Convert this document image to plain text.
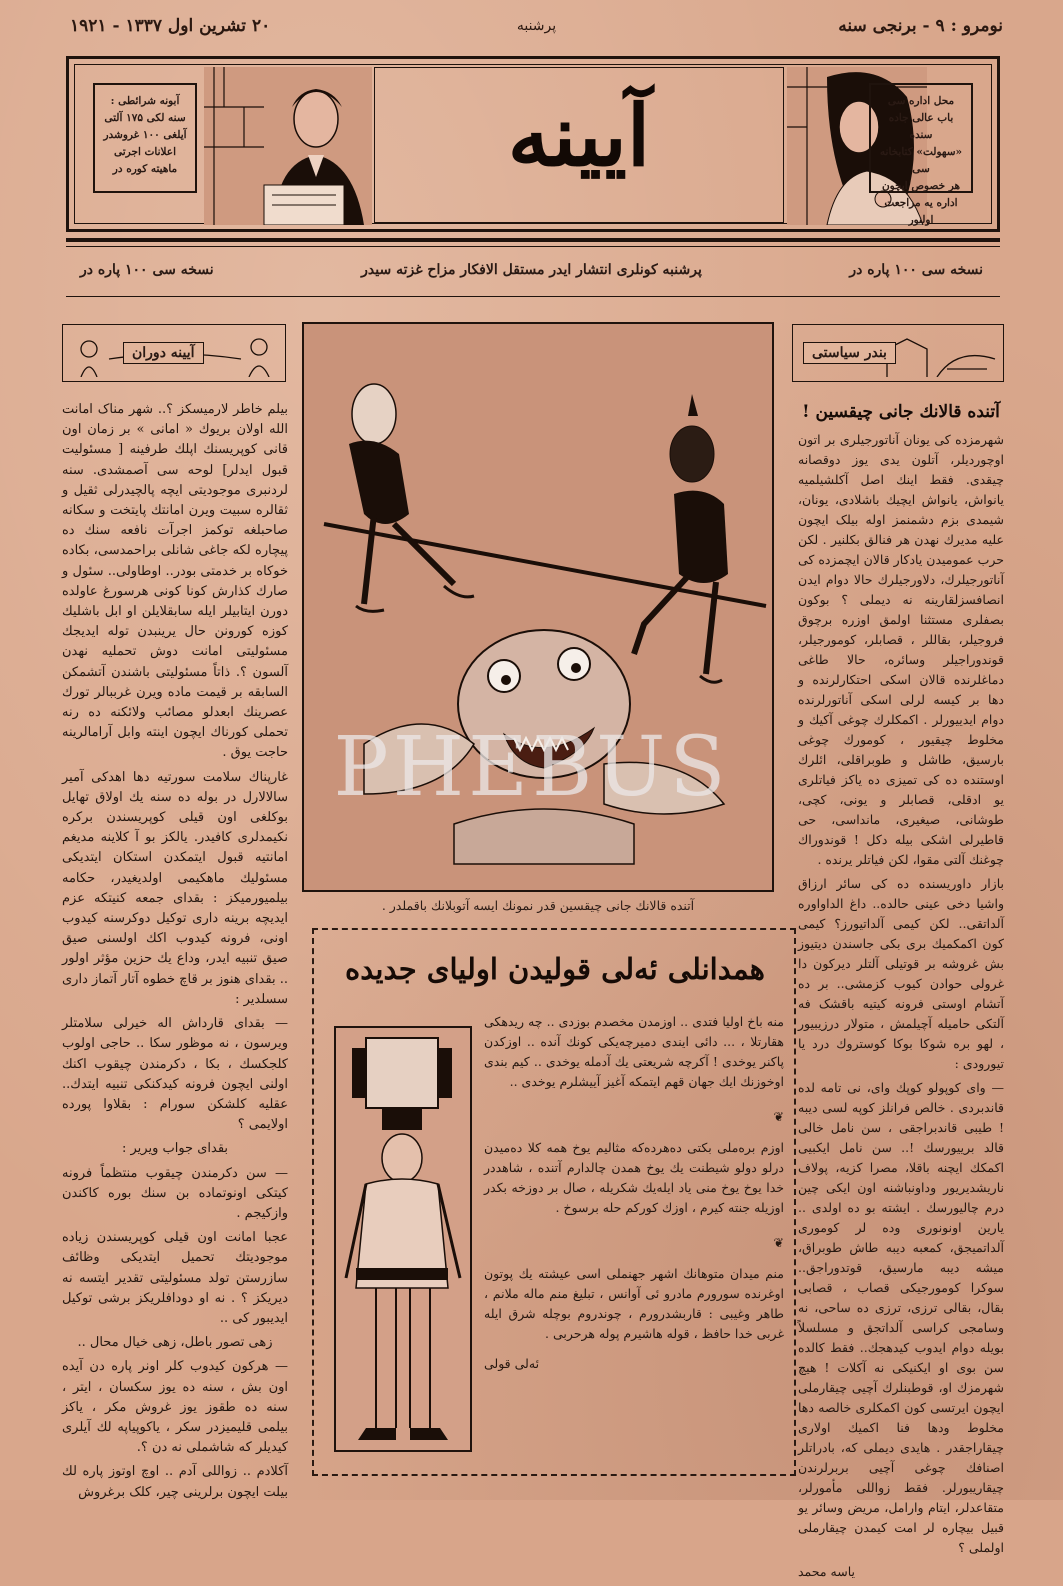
۲۰ تشرین اول ۱۳۳۷ - ۱۹۲۱	پرشنبه	نومرو : ۹ - برنجی سنه
آبونه شرائطی :
سنه لکی ۱۷۵ آلتی
آیلغی ۱۰۰ غروشدر
اعلانات اجرتی
ماهیته کوره در	آیینه	محل اداره سی
باب عالی جاده سنده
«سهولت» کتابخانه سی
هر خصوص ایچون
اداره یه مراجعت اولنور
نسخه سی ۱۰۰ پاره در
پرشنبه کونلری انتشار ایدر مستقل الافکار مزاح غزته سیدر
نسخه سی ۱۰۰ پاره در
آیینه دوران

بیلم خاطر لارمیسکز ؟.. شهر مناک امانت الله اولان بریوك « امانی » بر زمان اون قانی کوپریسنك اپلك طرفینه [ مسئولیت قبول ایدلر] لوحه سی آصمشدی. سنه لردنبری موجودیتی ایچه پالچیدرلی ثقیل و ثقالره سبیت ویرن امانتك پایتخت و سکانه صاحبلغه توکمز اجرآت نافعه سنك ده پیچاره لکه جاغی شانلی براحمدسی، بکاده خوکاه بر خدمتی بودر.. اوطاولی.. سئول و صارك کذارش کونا کونی هرسورغ عاولده دورن ایتابیلر ایله سابقلایلن او ابل باشلیك کوزه کورونن حال یرینبدن توله ایدیجك مسئولیتی امانت دوش تحملیه نهدن آلسون ؟. ذاتاً مسئولیتی باشندن آتشمکن السابقه بر قیمت ماده ویرن غرببالر تورك عصرینك ابعدلو مصائب ولائکنه ده رنه تحملی کورناك ایچون اینته وابل آرامالرینه حاجت یوق .

غارپناك سلامت سورتیه دها اهدکی آمیر سالالارل در بوله ده سنه یك اولاق تهایل بوکلغی اون قیلی کوپریسندن برکره نکیمدلری کافیدر. یالکز بو آ کلاینه مدیغم امانتیه قبول ایتمکدن استکان ایتدیکی مسئولیك ماهکیمی اولدیغیدر، حکامه بیلمیورمیکز : بقدای جمعه کنیتکه عزم ایدیچه برینه داری توکیل دوکرسنه کیدوب اونی، فرونه کیدوب اکك اولسنی صیق صیق تنبیه ایدر، وداع یك حزین مؤثر اولور .. بقدای هنوز بر قاچ خطوه آتار آتماز داری سسلدیر :

— بقدای قارداش اله خیرلی سلامتلر ویرسون ، نه موظور سکا .. حاجی اولوب کلجکسك ، بکا ، دکرمندن چیقوب اکنك اولنی ایچون فرونه کیدکنکی تنبیه ایتدك.. عقلیه کلشکن سورام : بقلاوا پورده اولایمی ؟

بقدای جواب ویریر :

— سن دکرمندن چیقوب منتظماً فرونه کیتکی اونوتماده بن سنك بوره کاکندن وازکیجم .

عجبا امانت اون قیلی کوپریسندن زیاده موجودیتك تحمیل ایتدیکی وظائف سازرستن تولد مسئولیتی تقدیر ایتسه نه دیریکز ؟ . نه او دودافلریکز برشی توکیل ایدیبور کی ..

زهی تصور باطل، زهی خیال محال ..

— هرکون کیدوب کلر اونر پاره دن آیده اون بش ، سنه ده یوز سکسان ، ایتر ، سنه ده طقوز یوز غروش مکر ، یاکز بیلمی قلیمیزدر سکر ، یاکوپیاپه لك آیلری کیدیلر که شاشملی نه دن ؟.

آکلادم .. زواللی آدم .. اوچ اوتوز پاره لك بیلت ایچون برلرینی چیر، کلک برغروش

آتنده قالانك جانی چیقسین قدر نمونك ایسه آتوبلانك باقملدر .
همدانلی ئه‌لی قولیدن اولیای جدیده

منه باخ اولیا فتدی .. اوزمدن مخصدم بوزدی .. چه ریدهکی هقارتلا ، ... دائی ایندی دمیرچه‌یکی کونك آنده .. اوزکدن پاکنر یوخدی ! آکرچه شریعتی یك آدمله یوخدی .. کیم بندی اوخوزنك ایك جهان قهم ایتمکه آغیز آییشلرم یوخدی ..

❦

اوزم بره‌ملی بکتی ده‌هرده‌که مثالیم یوخ همه کلا ده‌میدن درلو دولو شیطنت یك یوخ همدن چالدارم آتنده ، شاهددر خدا یوخ یوخ منی یاد ایله‌یك شکریله ، صال بر دوزخه بکدر اوزیله جنته کیرم ، اوزك کورکم حله برسوخ .

❦

منم میدان متوهانك اشهر جهنملی اسی عیشته یك پوتون اوغرنده سورورم مادرو ئی آوانس ، تبلیغ منم ماله ملانم ، طاهر وغیبی : قاربشدرورم ، چوندروم بوچله شرق ایله غربی خدا حافظ ، قوله هاشیرم پوله هرحربی .

ئه‌لی قولی

بندر سیاستی
آتنده قالانك جانی چیقسین !

شهرمزده کی یونان آناتورجیلری بر اتون اوچوردیلر، آتلون یدی یوز دوقصانه چیقدی. فقط اینك اصل آکلشیلمیه یانواش، یانواش ایچیك باشلادی، یونان، شیمدی بزم دشمنمز اوله بیلک ایچون علیه مدیرك نهدن هر فنالق بکلنیر . لکن حرب عمومیدن یادکار قالان ایچمزده کی آناتورجیلرك، دلاورجیلرك حالا دوام ایدن انصافسزلقارینه نه دیملی ؟ بوکون بصفلری مستثنا اولمق اوزره برچوق فروجیلر، بقاللر ، قصابلر، کومورجیلر، قوندوراجیلر وسائره، حالا طاغی دماغلرنده قالان اسکی احتکارلرنده و دها بر کیسه لرلی اسکی آناتورلرنده دوام ایدییورلر . اکمکلرك چوغی آکیك و مخلوط چیقیور ، کومورك چوغی بارسیق، طاشل و طوبراقلی، ائلرك اوستنده ده کی تمیزی ده یاکز فیاتلری یو ادقلی، قصابلر و یونی، کچی، طوشانی، صیغیری، مانداسی، حی قاطیرلی اشکی بیله دکل ! قوندوراك چوغنك آلتی مقوا، لکن فیاتلر یرنده .

بازار داوریسنده ده کی سائر ارزاق واشیا دخی عینی حالده.. داغ الداواوره آلداتقی.. لکن کیمی آلداتیورز؟ کیمی کون اکمکمیك بری بکی جاسندن دیتیوز بش غروشه بر قوتیلی آلتلر دیرکون دا غرولی حوادن کیوب کزمشی.. بر ده آتشام اوستی فرونه کیتیه باقشک فه آلتکی حامیله آچیلمش ، متولار درزیبیور ، لهو بره شوکا بوکا کوستروك درد یا تیورودی :

— وای کوپولو کوپك وای، نی تامه لده قاندبردی . خالص فرانلز کوپه لسی دیبه ! طیبی قاندبراجقی ، سن نامل خالی قالد برییورسك !.. سن نامل ایکبیی اکمکك ایچنه باقلا، مصرا کزیه، پولاف ناریشدیریور وداونباشنه اون ایکی چین درم چالیورسك . ایشته بو ده اولدی .. یارین اونونوری وده لر کوموری آلداتمیجق، کمعبه دیبه طاش طوبراق، میشه دیبه مارسیق، قوتدوراجق.. سوکرا کومورجیکی قصاب ، قصابی بقال، بقالی ترزی، ترزی ده ساحی، نه وسامجی کراسی آلداتجق و مسلسلاً بویله دوام ایدوب کیدهجك.. فقط کالده سن بوی او ایکنیکی نه آکلات ! هیچ شهرمزك او، قوطبنلرك آچیی چیقارملی ایچون ایرتسی کون اکمکلری خالصه دها مخلوط ودها فنا اکمیك اولاری چیقاراجقدر . هایدی دیملی که، بادراتلر اصنافك چوغی آچیی بربرلرندن چیقاریبورلر. فقط زواللی مأمورلر، متقاعدلر، ایتام وارامل، مریض وسائر یو قبیل بیچاره لر امت کیمدن چیقارملی اولملی ؟

یاسه محمد

PHEBUS
